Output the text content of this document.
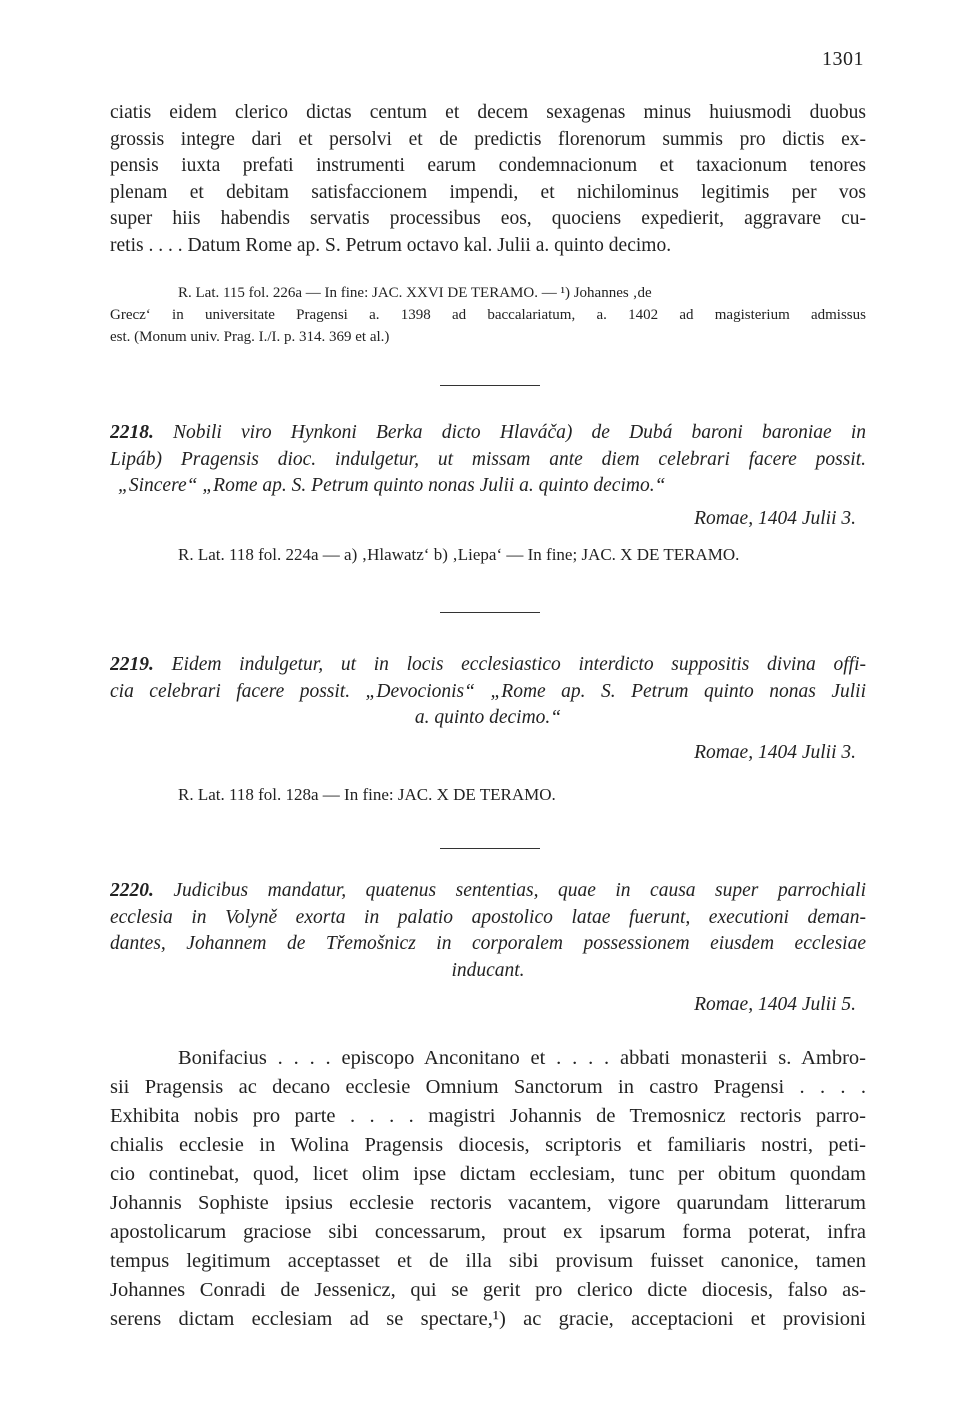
1301
ciatis eidem clerico dictas centum et decem sexagenas minus huiusmodi duobus
grossis integre dari et persolvi et de predictis florenorum summis pro dictis ex-
pensis iuxta prefati instrumenti earum condemnacionum et taxacionum tenores
plenam et debitam satisfaccionem impendi, et nichilominus legitimis per vos
super hiis habendis servatis processibus eos, quociens expedierit, aggravare cu-
retis . . . . Datum Rome ap. S. Petrum octavo kal. Julii a. quinto decimo.
R. Lat. 115 fol. 226a — In fine: JAC. XXVI DE TERAMO. — ¹) Johannes ‚de
Grecz‘ in universitate Pragensi a. 1398 ad baccalariatum, a. 1402 ad magisterium admissus
est. (Monum univ. Prag. I./I. p. 314. 369 et al.)
2218. Nobili viro Hynkoni Berka dicto Hlaváča) de Dubá baroni baroniae in
Lipáb) Pragensis dioc. indulgetur, ut missam ante diem celebrari facere possit.
„Sincere“ „Rome ap. S. Petrum quinto nonas Julii a. quinto decimo.“
Romae, 1404 Julii 3.
R. Lat. 118 fol. 224a — a) ‚Hlawatz‘ b) ‚Liepa‘ — In fine; JAC. X DE TERAMO.
2219. Eidem indulgetur, ut in locis ecclesiastico interdicto suppositis divina offi-
cia celebrari facere possit. „Devocionis“ „Rome ap. S. Petrum quinto nonas Julii
a. quinto decimo.“
Romae, 1404 Julii 3.
R. Lat. 118 fol. 128a — In fine: JAC. X DE TERAMO.
2220. Judicibus mandatur, quatenus sententias, quae in causa super parrochiali
ecclesia in Volyně exorta in palatio apostolico latae fuerunt, executioni deman-
dantes, Johannem de Třemošnicz in corporalem possessionem eiusdem ecclesiae
inducant.
Romae, 1404 Julii 5.
Bonifacius . . . . episcopo Anconitano et . . . . abbati monasterii s. Ambro-
sii Pragensis ac decano ecclesie Omnium Sanctorum in castro Pragensi . . . .
Exhibita nobis pro parte . . . . magistri Johannis de Tremosnicz rectoris parro-
chialis ecclesie in Wolina Pragensis diocesis, scriptoris et familiaris nostri, peti-
cio continebat, quod, licet olim ipse dictam ecclesiam, tunc per obitum quondam
Johannis Sophiste ipsius ecclesie rectoris vacantem, vigore quarundam litterarum
apostolicarum graciose sibi concessarum, prout ex ipsarum forma poterat, infra
tempus legitimum acceptasset et de illa sibi provisum fuisset canonice, tamen
Johannes Conradi de Jessenicz, qui se gerit pro clerico dicte diocesis, falso as-
serens dictam ecclesiam ad se spectare,¹) ac gracie, acceptacioni et provisioni
